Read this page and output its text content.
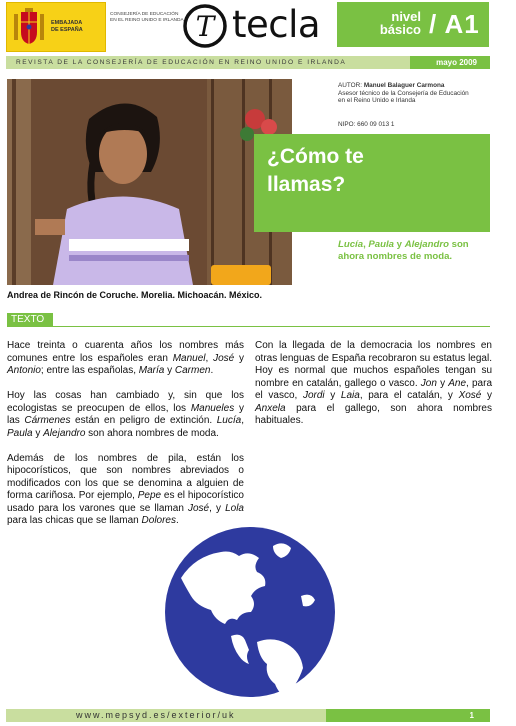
EMBAJADA
DE ESPAÑA
CONSEJERÍA DE EDUCACIÓN
EN EL REINO UNIDO E IRLANDA T tecla	nivel
básico / A1
REVISTA DE LA CONSEJERÍA DE EDUCACIÓN EN REINO UNIDO E IRLANDA	mayo 2009
Andrea de Rincón de Coruche. Morelia. Michoacán. México.
AUTOR: Manuel Balaguer Carmona
Asesor técnico de la Consejería de Educación
en el Reino Unido e Irlanda
NIPO: 660 09 013 1
¿Cómo te
llamas?
Lucía, Paula y Alejandro son ahora nombres de moda.
TEXTO

Hace treinta o cuarenta años los nombres más comunes entre los españoles eran Manuel, José y Antonio; entre las españolas, María y Carmen.

Hoy las cosas han cambiado y, sin que los ecologistas se preocupen de ellos, los Manueles y las Cármenes están en peligro de extinción. Lucía, Paula y Alejandro son ahora nombres de moda.

Además de los nombres de pila, están los hipocorísticos, que son nombres abreviados o modificados con los que se denomina a alguien de forma cariñosa. Por ejemplo, Pepe es el hipocorístico usado para los varones que se llaman José, y Lola para las chicas que se llaman Dolores.

Con la llegada de la democracia los nombres en otras lenguas de España recobraron su estatus legal. Hoy es normal que muchos españoles tengan su nombre en catalán, gallego o vasco. Jon y Ane, para el vasco, Jordi y Laia, para el catalán, y Xosé y Anxela para el gallego, son ahora nombres habituales.

www.mepsyd.es/exterior/uk	1
